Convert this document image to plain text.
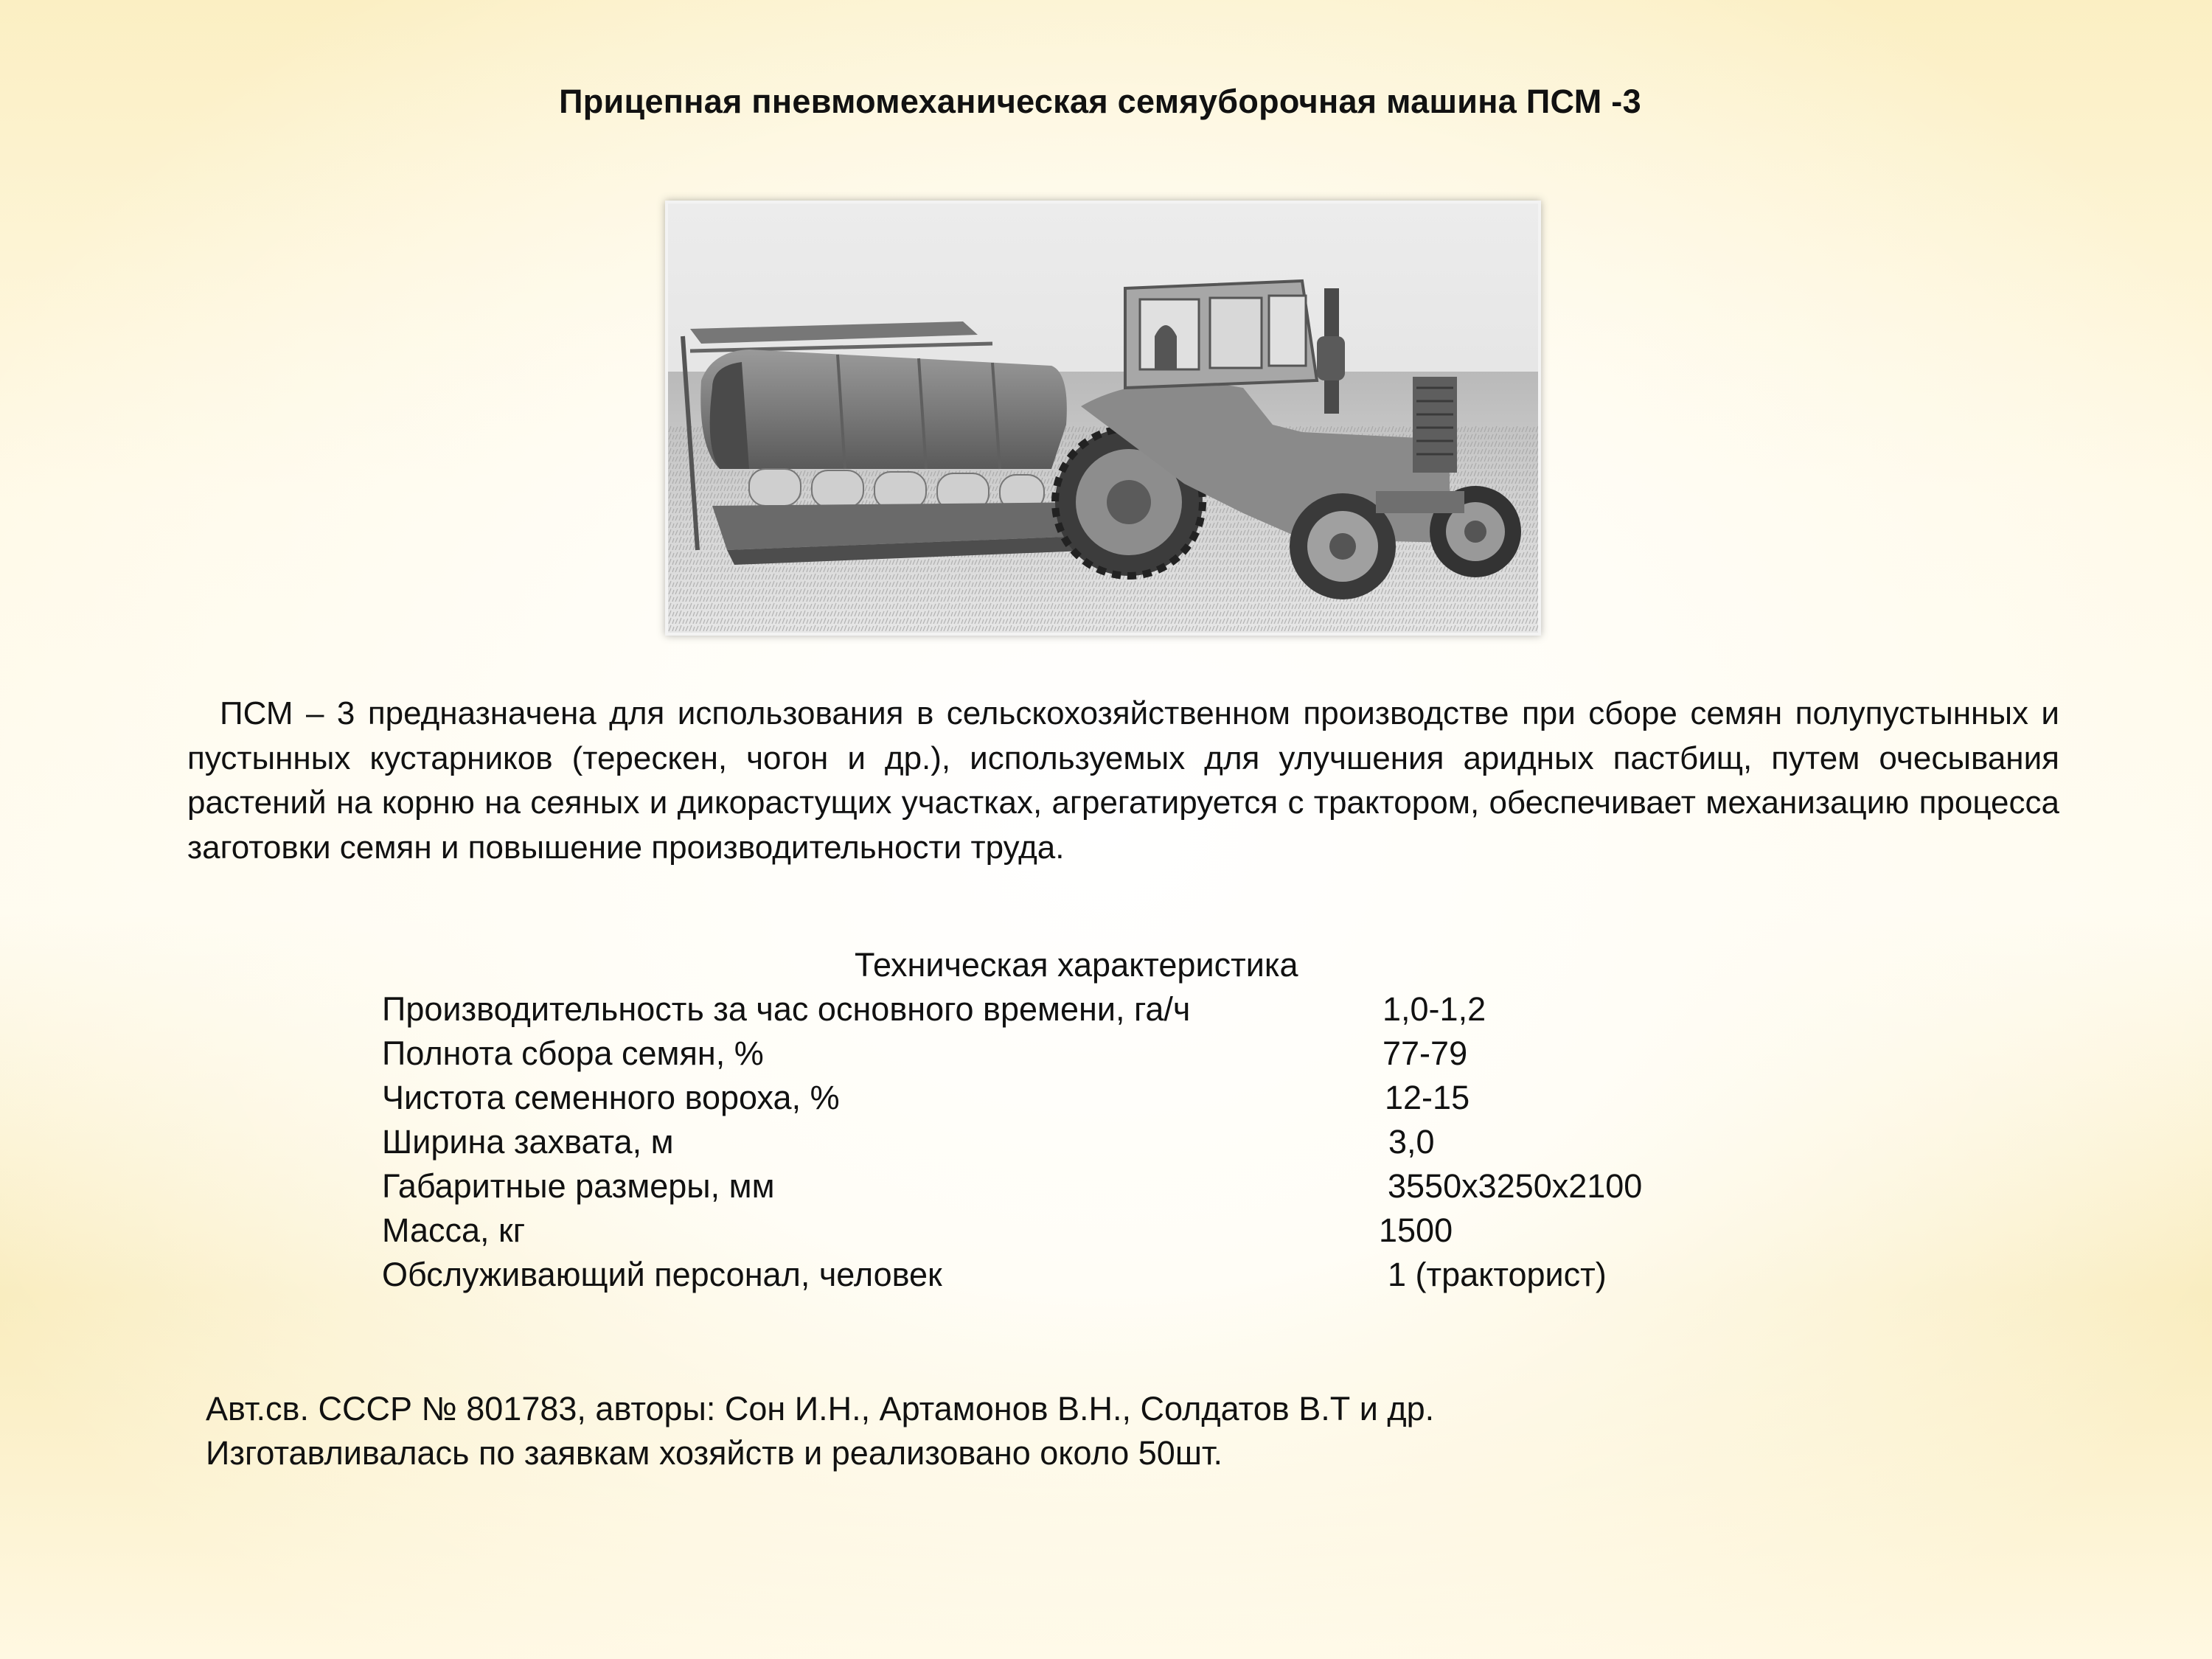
Прицепная пневмомеханическая семяуборочная машина ПСМ -3

ПСМ – 3 предназначена для использования в сельскохозяйственном производстве при сборе семян полупустынных и пустынных кустарников (терескен, чогон и др.), используемых для улучшения аридных пастбищ, путем очесывания растений на корню на сеяных и дикорастущих участках, агрегатируется с трактором, обеспечивает механизацию процесса заготовки семян и повышение производительности труда.

Техническая характеристика
Производительность за час основного времени, га/ч	1,0-1,2
Полнота сбора семян, %	77-79
Чистота семенного вороха, %	12-15
Ширина захвата, м	3,0
Габаритные размеры, мм	3550х3250х2100
Масса, кг	1500
Обслуживающий персонал, человек	1 (тракторист)
Авт.св. СССР № 801783, авторы: Сон И.Н., Артамонов В.Н., Солдатов В.Т и др.
Изготавливалась по заявкам хозяйств и реализовано около 50шт.
